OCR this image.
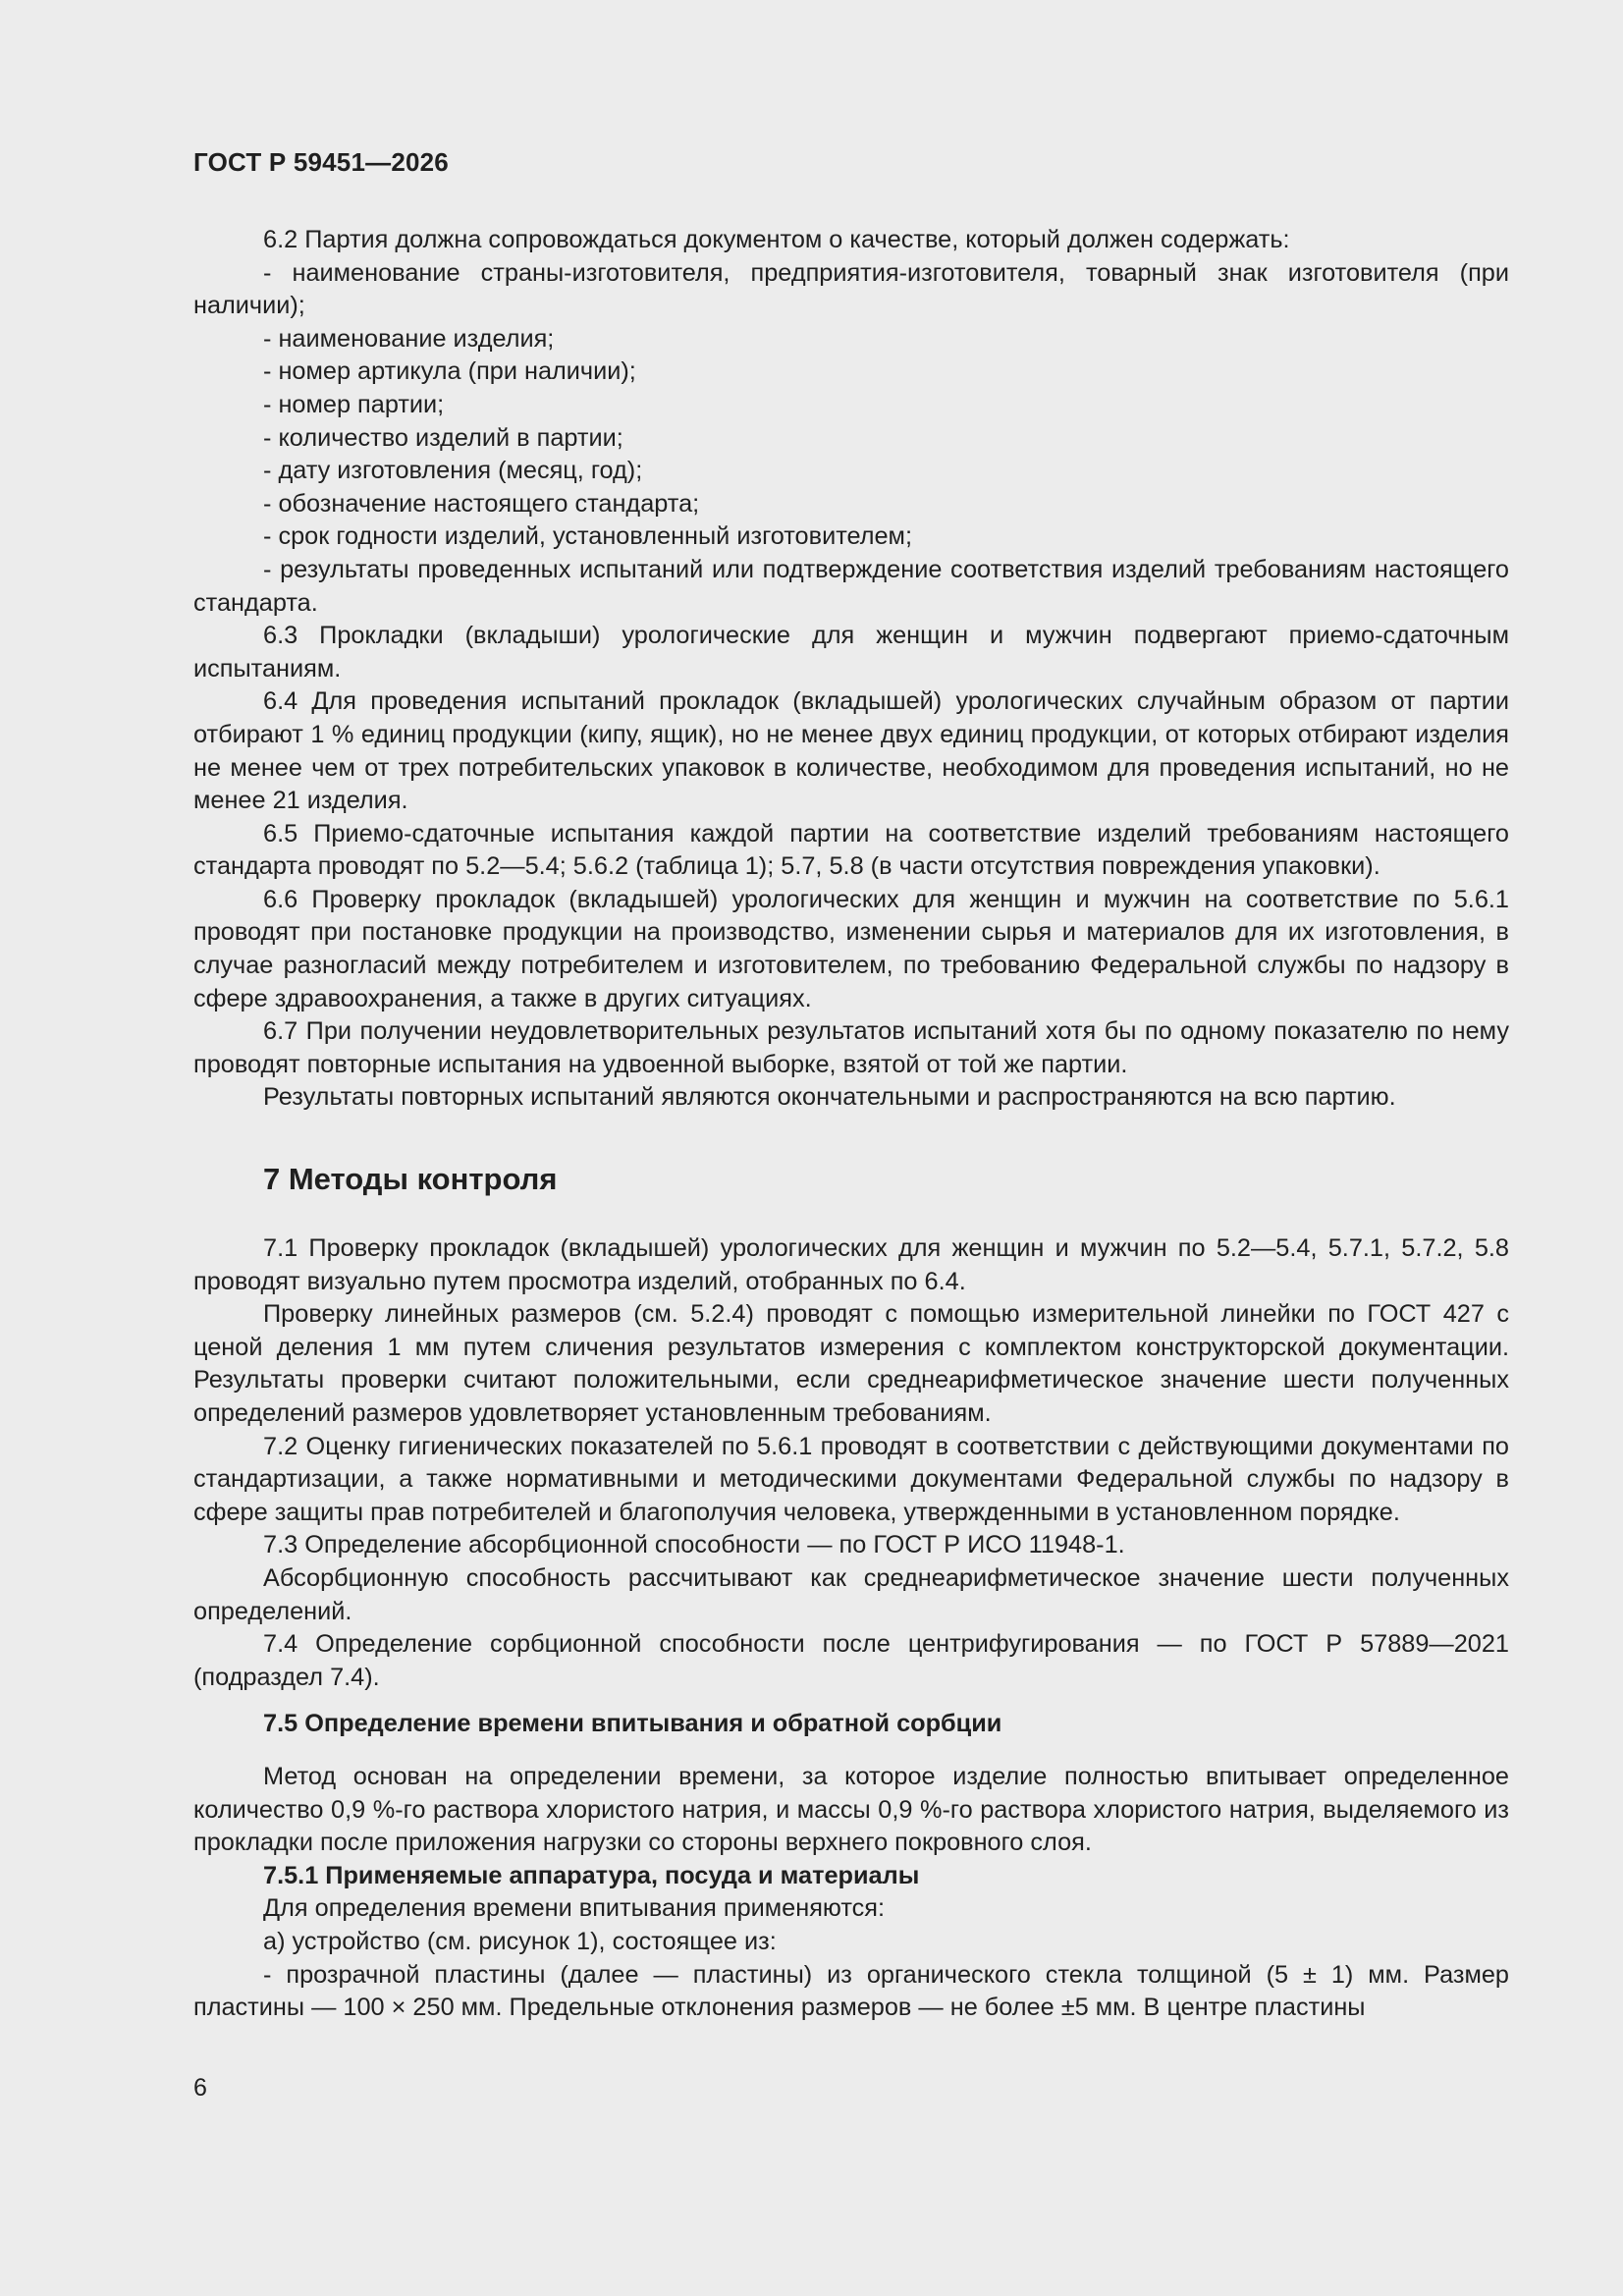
ГОСТ Р 59451—2026

6.2 Партия должна сопровождаться документом о качестве, который должен содержать:

- наименование страны-изготовителя, предприятия-изготовителя, товарный знак изготовителя (при наличии);

- наименование изделия;

- номер артикула (при наличии);

- номер партии;

- количество изделий в партии;

- дату изготовления (месяц, год);

- обозначение настоящего стандарта;

- срок годности изделий, установленный изготовителем;

- результаты проведенных испытаний или подтверждение соответствия изделий требованиям настоящего стандарта.

6.3 Прокладки (вкладыши) урологические для женщин и мужчин подвергают приемо-сдаточным испытаниям.

6.4 Для проведения испытаний прокладок (вкладышей) урологических случайным образом от партии отбирают 1 % единиц продукции (кипу, ящик), но не менее двух единиц продукции, от которых отбирают изделия не менее чем от трех потребительских упаковок в количестве, необходимом для проведения испытаний, но не менее 21 изделия.

6.5 Приемо-сдаточные испытания каждой партии на соответствие изделий требованиям настоящего стандарта проводят по 5.2—5.4; 5.6.2 (таблица 1); 5.7, 5.8 (в части отсутствия повреждения упаковки).

6.6 Проверку прокладок (вкладышей) урологических для женщин и мужчин на соответствие по 5.6.1 проводят при постановке продукции на производство, изменении сырья и материалов для их изготовления, в случае разногласий между потребителем и изготовителем, по требованию Федеральной службы по надзору в сфере здравоохранения, а также в других ситуациях.

6.7 При получении неудовлетворительных результатов испытаний хотя бы по одному показателю по нему проводят повторные испытания на удвоенной выборке, взятой от той же партии.

Результаты повторных испытаний являются окончательными и распространяются на всю партию.

7 Методы контроля

7.1 Проверку прокладок (вкладышей) урологических для женщин и мужчин по 5.2—5.4, 5.7.1, 5.7.2, 5.8 проводят визуально путем просмотра изделий, отобранных по 6.4.

Проверку линейных размеров (см. 5.2.4) проводят с помощью измерительной линейки по ГОСТ 427 с ценой деления 1 мм путем сличения результатов измерения с комплектом конструкторской документации. Результаты проверки считают положительными, если среднеарифметическое значение шести полученных определений размеров удовлетворяет установленным требованиям.

7.2 Оценку гигиенических показателей по 5.6.1 проводят в соответствии с действующими документами по стандартизации, а также нормативными и методическими документами Федеральной службы по надзору в сфере защиты прав потребителей и благополучия человека, утвержденными в установленном порядке.

7.3 Определение абсорбционной способности — по ГОСТ Р ИСО 11948-1.

Абсорбционную способность рассчитывают как среднеарифметическое значение шести полученных определений.

7.4 Определение сорбционной способности после центрифугирования — по ГОСТ Р 57889—2021 (подраздел 7.4).

7.5 Определение времени впитывания и обратной сорбции

Метод основан на определении времени, за которое изделие полностью впитывает определенное количество 0,9 %-го раствора хлористого натрия, и массы 0,9 %-го раствора хлористого натрия, выделяемого из прокладки после приложения нагрузки со стороны верхнего покровного слоя.

7.5.1 Применяемые аппаратура, посуда и материалы

Для определения времени впитывания применяются:

а) устройство (см. рисунок 1), состоящее из:

- прозрачной пластины (далее — пластины) из органического стекла толщиной (5 ± 1) мм. Размер пластины — 100 × 250 мм. Предельные отклонения размеров — не более ±5 мм. В центре пластины

6
